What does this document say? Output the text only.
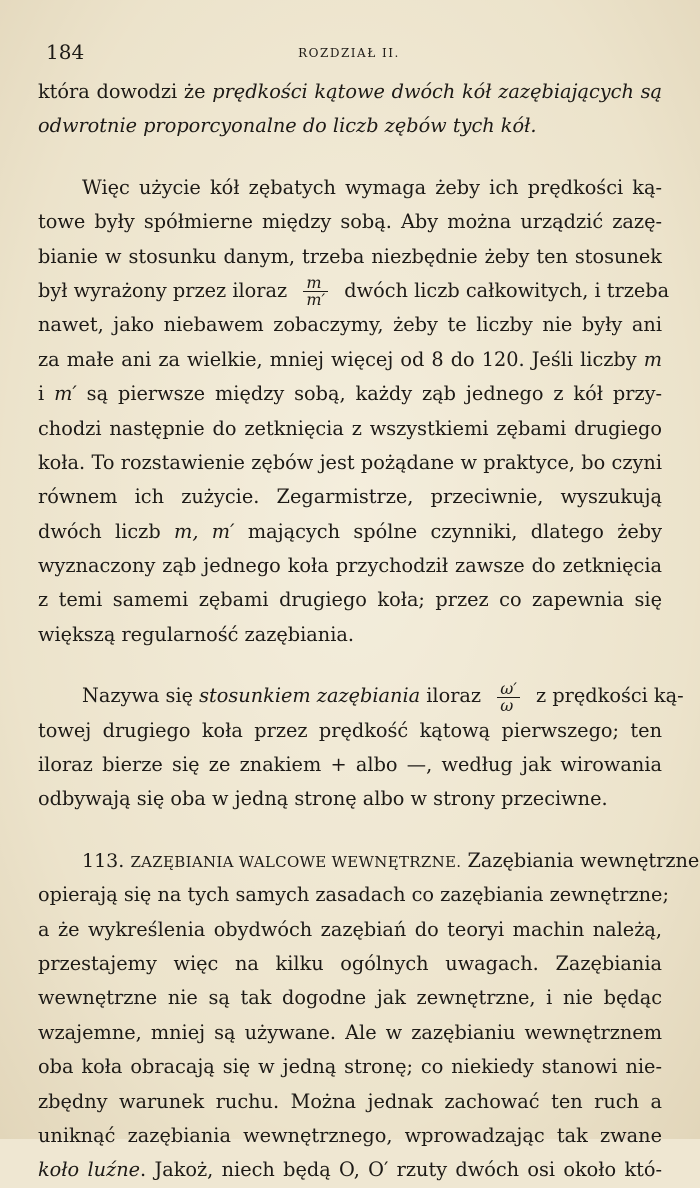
184	ROZDZIAŁ II.
która dowodzi że prędkości kątowe dwóch kół zazębiających są
odwrotnie proporcyonalne do liczb zębów tych kół.
Więc użycie kół zębatych wymaga żeby ich prędkości ką-
towe były spółmierne między sobą. Aby można urządzić zazę-
bianie w stosunku danym, trzeba niezbędnie żeby ten stosunek
był wyrażony przez iloraz $\frac{m}{m'}$ dwóch liczb całkowitych, i trzeba
nawet, jako niebawem zobaczymy, żeby te liczby nie były ani
za małe ani za wielkie, mniej więcej od 8 do 120. Jeśli liczby m
i m′ są pierwsze między sobą, każdy ząb jednego z kół przy-
chodzi następnie do zetknięcia z wszystkiemi zębami drugiego
koła. To rozstawienie zębów jest pożądane w praktyce, bo czyni
równem ich zużycie. Zegarmistrze, przeciwnie, wyszukują
dwóch liczb m, m′ mających spólne czynniki, dlatego żeby
wyznaczony ząb jednego koła przychodził zawsze do zetknięcia
z temi samemi zębami drugiego koła; przez co zapewnia się
większą regularność zazębiania.
Nazywa się stosunkiem zazębiania iloraz $\frac{\omega'}{\omega}$ z prędkości ką-
towej drugiego koła przez prędkość kątową pierwszego; ten
iloraz bierze się ze znakiem + albo —, według jak wirowania
odbywają się oba w jedną stronę albo w strony przeciwne.
113. ZAZĘBIANIA WALCOWE WEWNĘTRZNE. Zazębiania wewnętrzne
opierają się na tych samych zasadach co zazębiania zewnętrzne;
a że wykreślenia obydwóch zazębiań do teoryi machin należą,
przestajemy więc na kilku ogólnych uwagach. Zazębiania
wewnętrzne nie są tak dogodne jak zewnętrzne, i nie będąc
wzajemne, mniej są używane. Ale w zazębianiu wewnętrznem
oba koła obracają się w jedną stronę; co niekiedy stanowi nie-
zbędny warunek ruchu. Można jednak zachować ten ruch a
uniknąć zazębiania wewnętrznego, wprowadzając tak zwane
koło luźne. Jakoż, niech będą O, O′ rzuty dwóch osi około któ-
